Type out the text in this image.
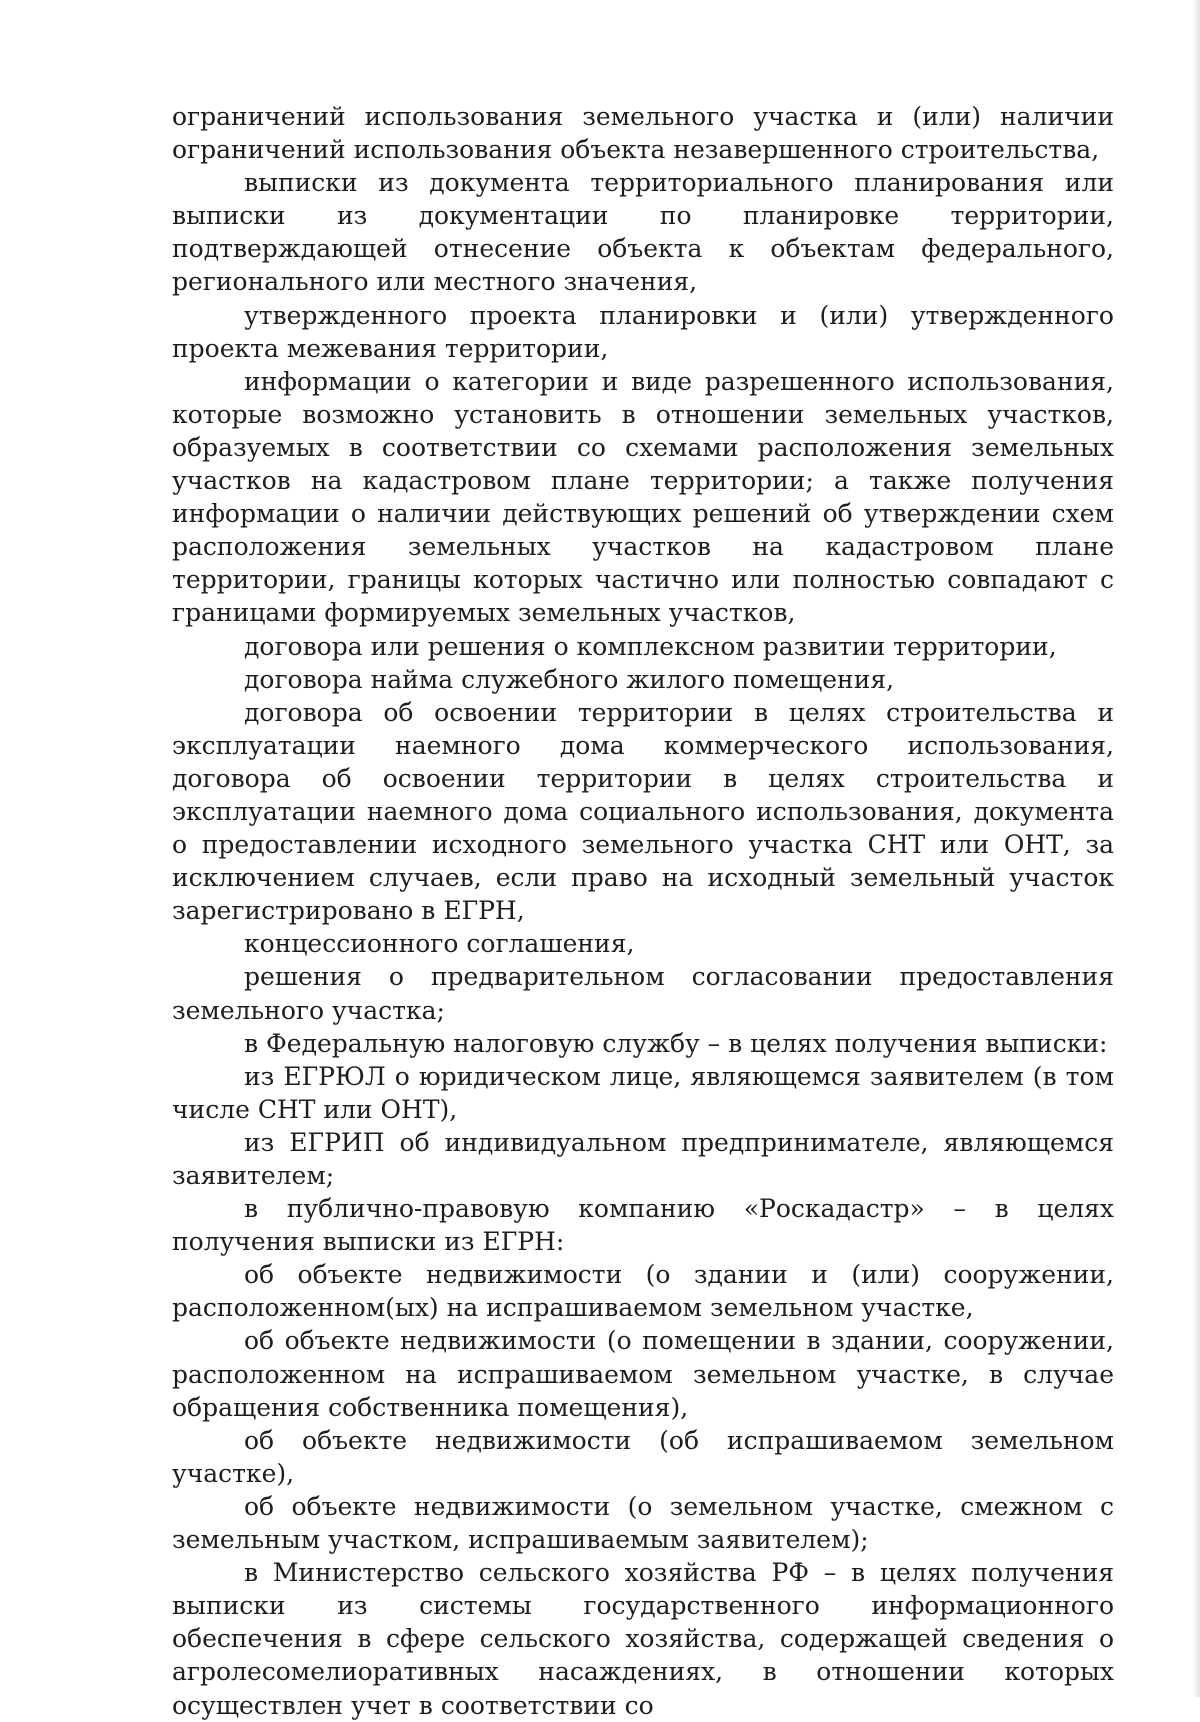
ограничений использования земельного участка и (или) наличии ограничений использования объекта незавершенного строительства,

выписки из документа территориального планирования или выписки из документации по планировке территории, подтверждающей отнесение объекта к объектам федерального, регионального или местного значения,

утвержденного проекта планировки и (или) утвержденного проекта межевания территории,

информации о категории и виде разрешенного использования, которые возможно установить в отношении земельных участков, образуемых в соответствии со схемами расположения земельных участков на кадастровом плане территории; а также получения информации о наличии действующих решений об утверждении схем расположения земельных участков на кадастровом плане территории, границы которых частично или полностью совпадают с границами формируемых земельных участков,

договора или решения о комплексном развитии территории,

договора найма служебного жилого помещения,

договора об освоении территории в целях строительства и эксплуатации наемного дома коммерческого использования, договора об освоении территории в целях строительства и эксплуатации наемного дома социального использования, документа о предоставлении исходного земельного участка СНТ или ОНТ, за исключением случаев, если право на исходный земельный участок зарегистрировано в ЕГРН,

концессионного соглашения,

решения о предварительном согласовании предоставления земельного участка;

в Федеральную налоговую службу – в целях получения выписки:

из ЕГРЮЛ о юридическом лице, являющемся заявителем (в том числе СНТ или ОНТ),

из ЕГРИП об индивидуальном предпринимателе, являющемся заявителем;

в публично-правовую компанию «Роскадастр» – в целях получения выписки из ЕГРН:

об объекте недвижимости (о здании и (или) сооружении, расположенном(ых) на испрашиваемом земельном участке,

об объекте недвижимости (о помещении в здании, сооружении, расположенном на испрашиваемом земельном участке, в случае обращения собственника помещения),

об объекте недвижимости (об испрашиваемом земельном участке),

об объекте недвижимости (о земельном участке, смежном с земельным участком, испрашиваемым заявителем);

в Министерство сельского хозяйства РФ – в целях получения выписки из системы государственного информационного обеспечения в сфере сельского хозяйства, содержащей сведения о агролесомелиоративных насаждениях, в отношении которых осуществлен учет в соответствии со
